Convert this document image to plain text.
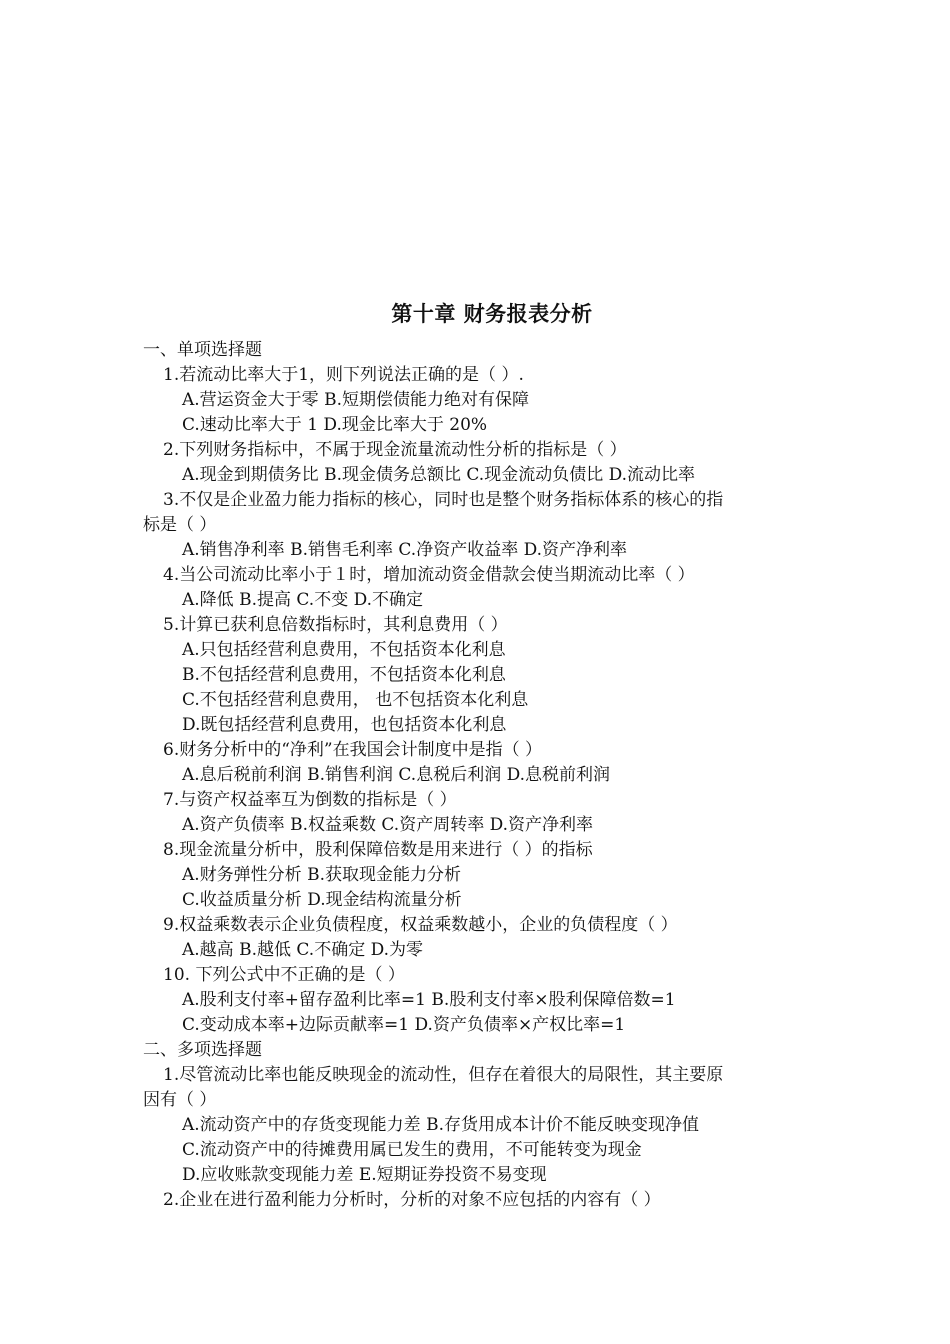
第十章 财务报表分析
一、单项选择题
1.若流动比率大于1，则下列说法正确的是（ ）.
A.营运资金大于零 B.短期偿债能力绝对有保障
C.速动比率大于 1 D.现金比率大于 20%
2.下列财务指标中，不属于现金流量流动性分析的指标是（ ）
A.现金到期债务比 B.现金债务总额比 C.现金流动负债比 D.流动比率
3.不仅是企业盈力能力指标的核心，同时也是整个财务指标体系的核心的指
标是（ ）
A.销售净利率 B.销售毛利率 C.净资产收益率 D.资产净利率
4.当公司流动比率小于１时，增加流动资金借款会使当期流动比率（ ）
A.降低 B.提高 C.不变 D.不确定
5.计算已获利息倍数指标时，其利息费用（ ）
A.只包括经营利息费用，不包括资本化利息
B.不包括经营利息费用，不包括资本化利息
C.不包括经营利息费用， 也不包括资本化利息
D.既包括经营利息费用，也包括资本化利息
6.财务分析中的“净利”在我国会计制度中是指（ ）
A.息后税前利润 B.销售利润 C.息税后利润 D.息税前利润
7.与资产权益率互为倒数的指标是（ ）
A.资产负债率 B.权益乘数 C.资产周转率 D.资产净利率
8.现金流量分析中，股利保障倍数是用来进行（ ）的指标
A.财务弹性分析 B.获取现金能力分析
C.收益质量分析 D.现金结构流量分析
9.权益乘数表示企业负债程度，权益乘数越小，企业的负债程度（ ）
A.越高 B.越低 C.不确定 D.为零
10. 下列公式中不正确的是（ ）
A.股利支付率+留存盈利比率=1 B.股利支付率×股利保障倍数=1
C.变动成本率+边际贡献率=1 D.资产负债率×产权比率=1
二、多项选择题
1.尽管流动比率也能反映现金的流动性，但存在着很大的局限性，其主要原
因有（ ）
A.流动资产中的存货变现能力差 B.存货用成本计价不能反映变现净值
C.流动资产中的待摊费用属已发生的费用，不可能转变为现金
D.应收账款变现能力差 E.短期证券投资不易变现
2.企业在进行盈利能力分析时，分析的对象不应包括的内容有（ ）
